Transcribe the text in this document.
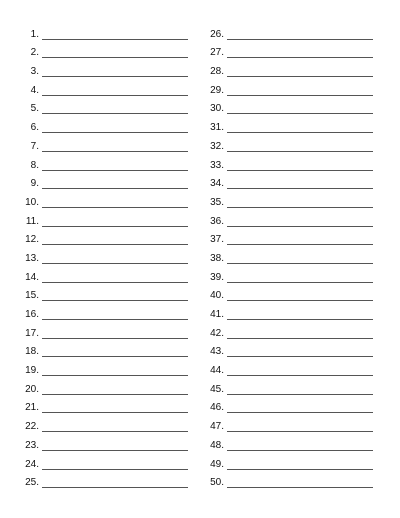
1.
2.
3.
4.
5.
6.
7.
8.
9.
10.
11.
12.
13.
14.
15.
16.
17.
18.
19.
20.
21.
22.
23.
24.
25.
26.
27.
28.
29.
30.
31.
32.
33.
34.
35.
36.
37.
38.
39.
40.
41.
42.
43.
44.
45.
46.
47.
48.
49.
50.
